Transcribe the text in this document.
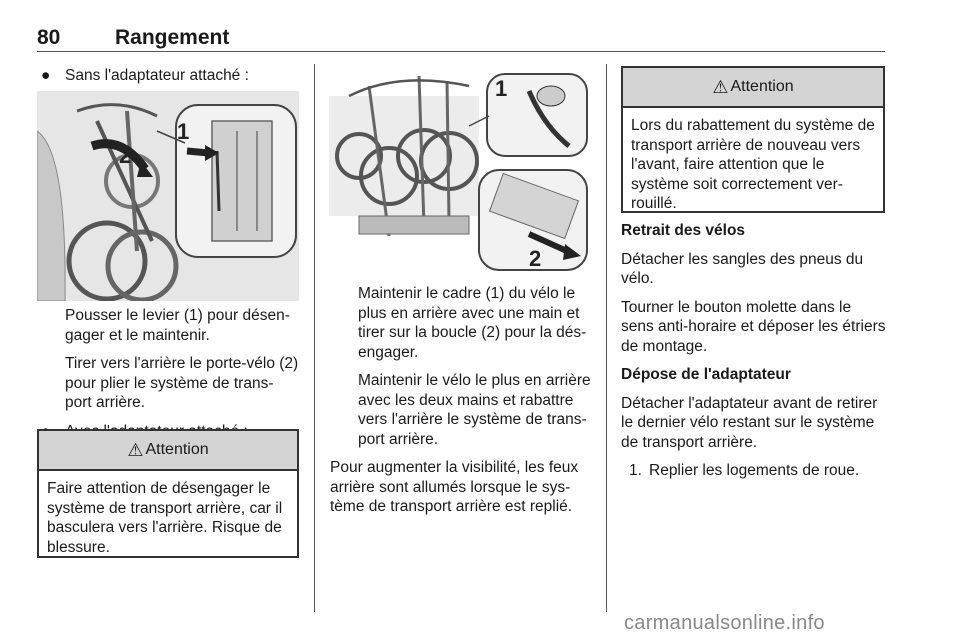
80	Rangement

● Sans l'adaptateur attaché :

1
2

Pousser le levier (1) pour désen-gager et le maintenir.

Tirer vers l'arrière le porte-vélo (2) pour plier le système de trans-port arrière.

⚠ Attention
Faire attention de désengager le système de transport arrière, car il basculera vers l'arrière. Risque de blessure.
1
2

Maintenir le cadre (1) du vélo le plus en arrière avec une main et tirer sur la boucle (2) pour la dés-engager.

Maintenir le vélo le plus en arrière avec les deux mains et rabattre vers l'arrière le système de trans-port arrière.

Pour augmenter la visibilité, les feux arrière sont allumés lorsque le sys-tème de transport arrière est replié.

⚠ Attention
Lors du rabattement du système de transport arrière de nouveau vers l'avant, faire attention que le système soit correctement ver-rouillé.

Retrait des vélos

Détacher les sangles des pneus du vélo.

Tourner le bouton molette dans le sens anti-horaire et déposer les étriers de montage.

Dépose de l'adaptateur

Détacher l'adaptateur avant de retirer le dernier vélo restant sur le système de transport arrière.

1. Replier les logements de roue.

carmanualsonline.info
